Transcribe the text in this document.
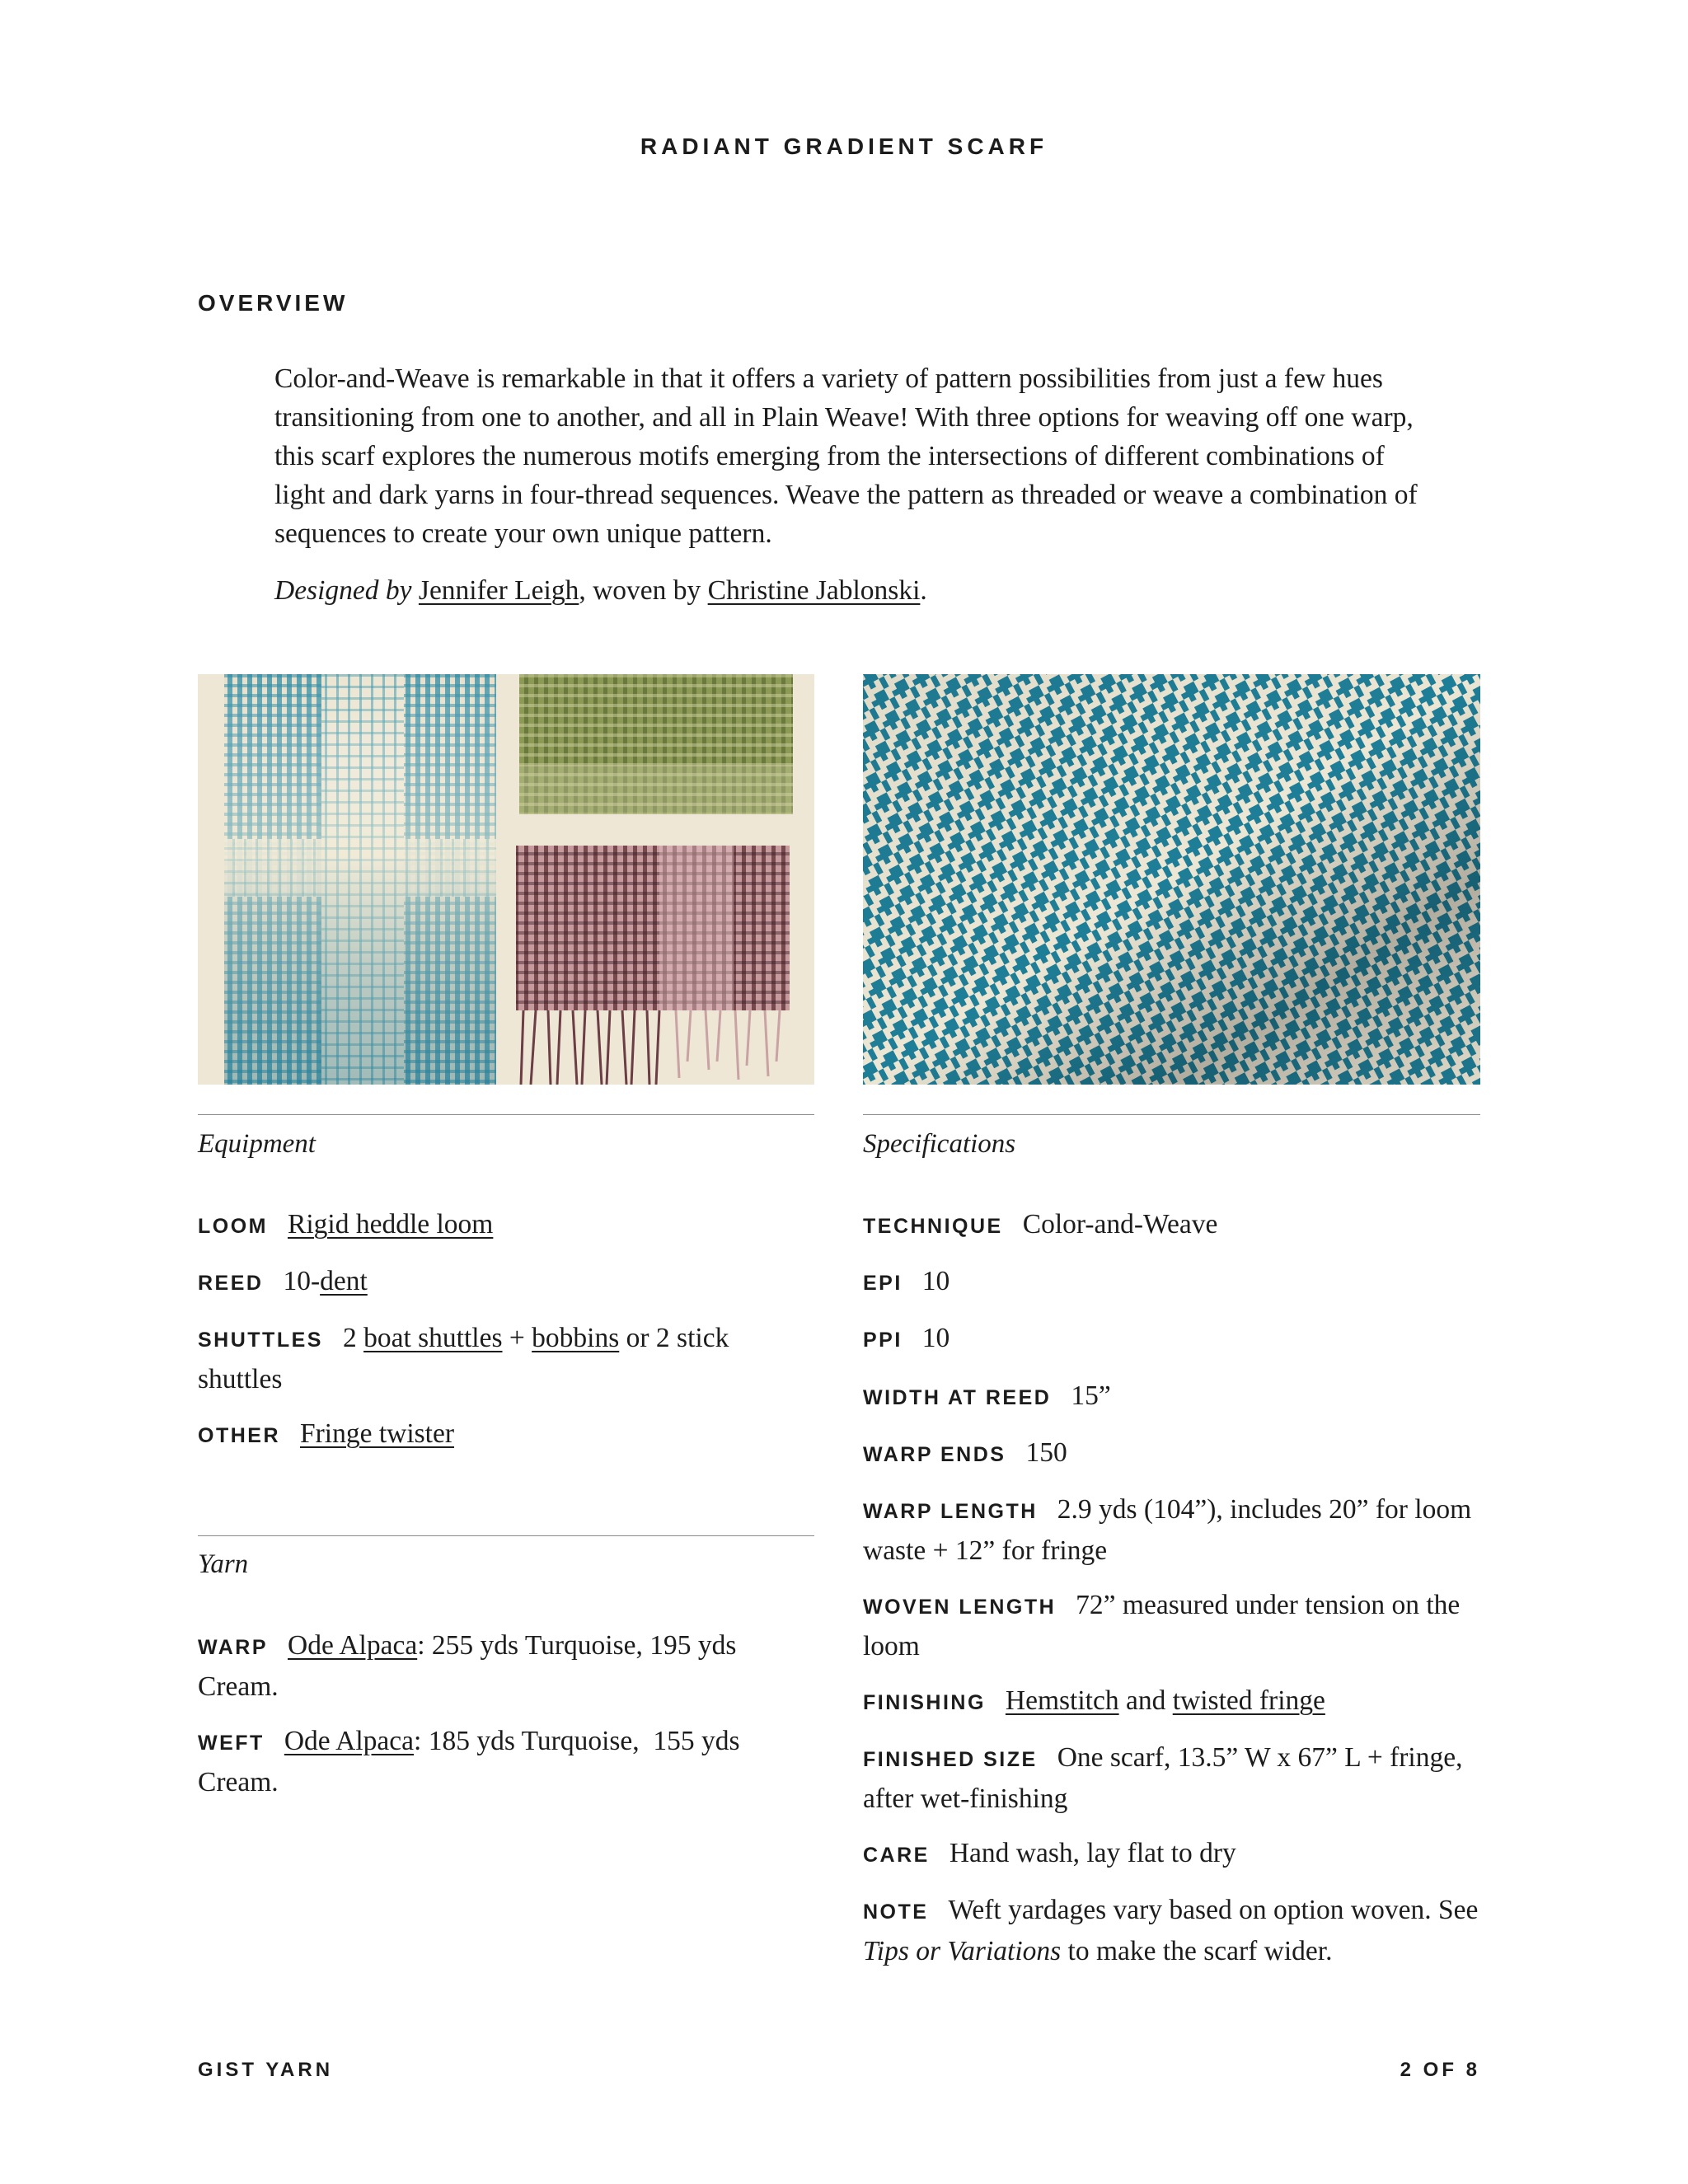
RADIANT GRADIENT SCARF
OVERVIEW

Color-and-Weave is remarkable in that it offers a variety of pattern possibilities from just a few hues transitioning from one to another, and all in Plain Weave! With three options for weaving off one warp, this scarf explores the numerous motifs emerging from the intersections of different combinations of light and dark yarns in four-thread sequences. Weave the pattern as threaded or weave a combination of sequences to create your own unique pattern.

Designed by Jennifer Leigh, woven by Christine Jablonski.

Equipment
LOOM Rigid heddle loom
REED 10-dent
SHUTTLES 2 boat shuttles + bobbins or 2 stick shuttles
OTHER Fringe twister
Yarn
WARP Ode Alpaca: 255 yds Turquoise, 195 yds Cream.
WEFT Ode Alpaca: 185 yds Turquoise,  155 yds Cream.
Specifications
TECHNIQUE Color-and-Weave
EPI 10
PPI 10
WIDTH AT REED 15”
WARP ENDS 150
WARP LENGTH 2.9 yds (104”), includes 20” for loom waste + 12” for fringe
WOVEN LENGTH 72” measured under tension on the loom
FINISHING Hemstitch and twisted fringe
FINISHED SIZE One scarf, 13.5” W x 67” L + fringe, after wet-finishing
CARE Hand wash, lay flat to dry
NOTE Weft yardages vary based on option woven. See Tips or Variations to make the scarf wider.
GIST YARN	2 OF 8
